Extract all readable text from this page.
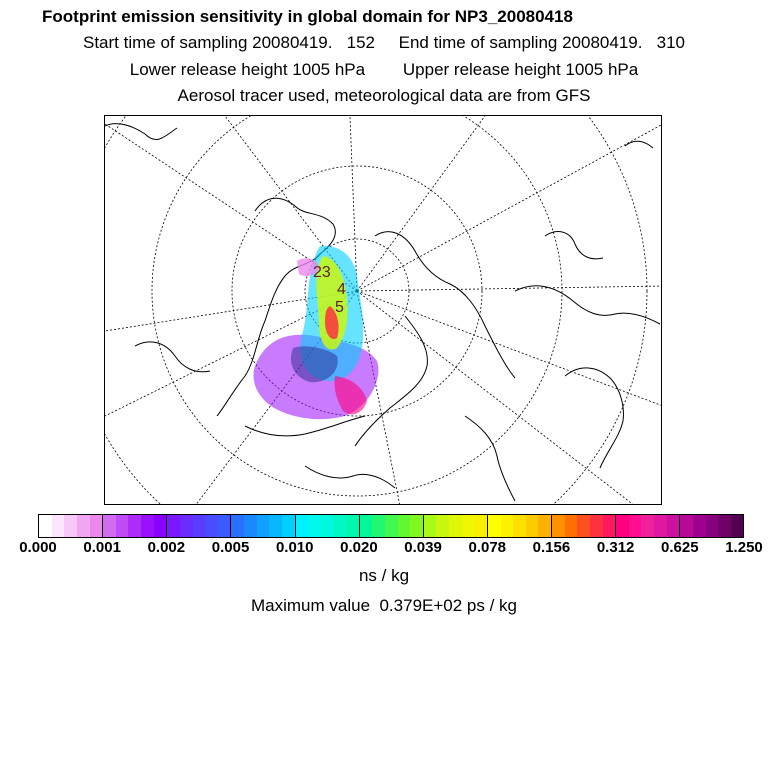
Footprint emission sensitivity in global domain for NP3_20080418
Start time of sampling 20080419.   152     End time of sampling 20080419.   310
Lower release height 1005 hPa        Upper release height 1005 hPa
Aerosol tracer used, meteorological data are from GFS
23
4
5
0.000	0.001	0.002	0.005	0.010	0.020	0.039	0.078	0.156	0.312	0.625	1.250
ns / kg
Maximum value  0.379E+02 ps / kg
